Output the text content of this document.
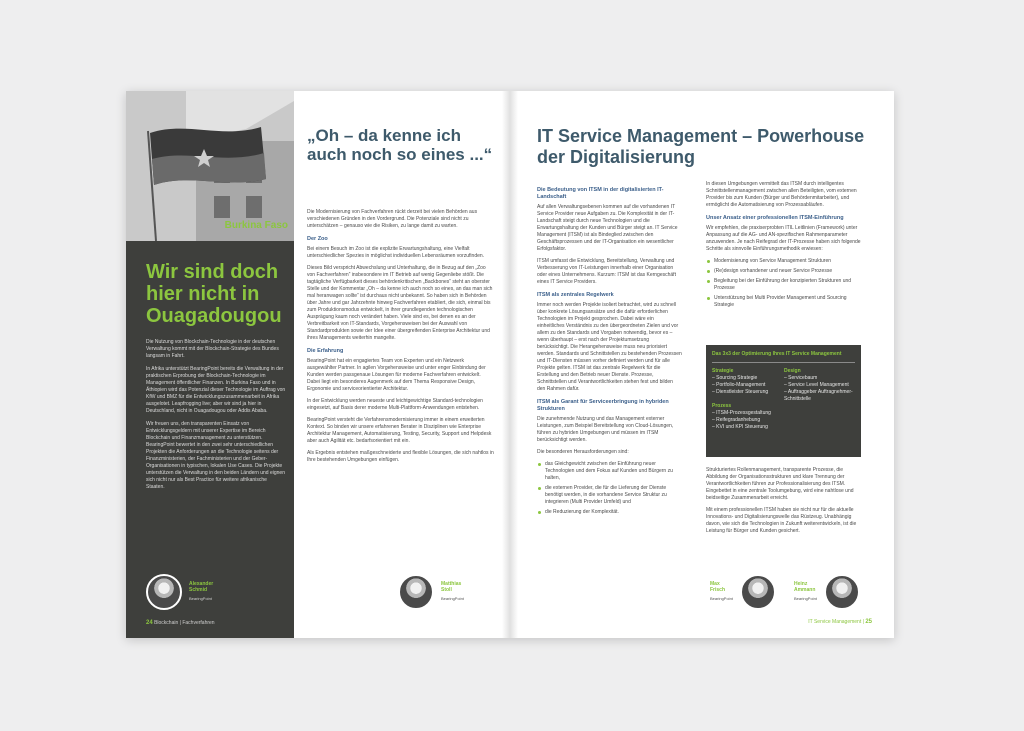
Burkina Faso
Wir sind doch hier nicht in Ouagadougou

Die Nutzung von Blockchain-Technologie in der deutschen Verwaltung kommt mit der Blockchain-Strategie des Bundes langsam in Fahrt.

In Afrika unterstützt BearingPoint bereits die Verwaltung in der praktischen Erprobung der Blockchain-Technologie im Management öffentlicher Finanzen. In Burkina Faso und in Äthiopien wird das Potenzial dieser Technologie im Auftrag von KfW und BMZ für die Entwicklungszusammenarbeit in Afrika ausgelotet. Leapfrogging live; aber wir sind ja hier in Deutschland, nicht in Ouagadougou oder Addis Ababa.

Wir freuen uns, den transparenten Einsatz von Entwicklungsgeldern mit unserer Expertise im Bereich Blockchain und Finanzmanagement zu unterstützen. BearingPoint bewertet in den zwei sehr unterschiedlichen Projekten die Anforderungen an die Technologie seitens der Finanzministerien, der Fachministerien und der Geber-Organisationen in typischen, lokalen Use Cases. Die Projekte unterstützen die Verwaltung in den beiden Ländern und eignen sich nicht nur als Best Practice für weitere afrikanische Staaten.

Alexander
Schmid
BearingPoint
24 Blockchain | Fachverfahren
„Oh – da kenne ich auch noch so eines ...“

Die Modernisierung von Fachverfahren rückt derzeit bei vielen Behörden aus verschiedenen Gründen in den Vordergrund. Die Potenziale sind nicht zu unterschätzen – genauso wie die Risiken, zu lange damit zu warten.

Der Zoo

Bei einem Besuch im Zoo ist die explizite Erwartungshaltung, eine Vielfalt unterschiedlicher Spezies in möglichst individuellen Lebensräumen vorzufinden.

Dieses Bild verspricht Abwechslung und Unterhaltung, die in Bezug auf den „Zoo von Fachverfahren“ insbesondere im IT Betrieb auf wenig Gegenliebe stößt. Die tagtägliche Verfügbarkeit dieses behördenkritischen „Backbones“ steht an oberster Stelle und der Kommentar „Oh – da kenne ich auch noch so eines, an das man sich mal heranwagen sollte“ ist durchaus nicht unbekannt. So haben sich in Behörden über Jahre und gar Jahrzehnte hinweg Fachverfahren etabliert, die sich, einmal bis zum Produktionsmodus entwickelt, in ihrer grundlegenden technologischen Ausprägung kaum noch verändert haben. Viele sind es, bei denen es an der Verbreitbarkeit von IT-Standards, Vorgehensweisen bei der Auswahl von Standardprodukten sowie der Idee einer übergreifenden Enterprise Architektur und ihres Managements weiterhin mangelte.

Die Erfahrung

BearingPoint hat ein engagiertes Team von Experten und ein Netzwerk ausgewählter Partner. In agilen Vorgehensweise und unter enger Einbindung der Kunden werden passgenaue Lösungen für moderne Fachverfahren entwickelt. Dabei liegt ein besonderes Augenmerk auf dem Thema Responsive Design, Ergonomie und serviceorientierter Architektur.

In der Entwicklung werden neueste und leichtgewichtige Standard-technologien eingesetzt, auf Basis derer moderne Multi-Plattform-Anwendungen entstehen.

BearingPoint versteht die Verfahrensmodernisierung immer in einem erweiterten Kontext. So binden wir unsere erfahrenen Berater in Disziplinen wie Enterprise Architektur Management, Automatisierung, Testing, Security, Support und Helpdesk aber auch Agilität etc. bedarfsorientiert mit ein.

Als Ergebnis entstehen maßgeschneiderte und flexible Lösungen, die sich nahtlos in Ihre bestehenden Umgebungen einfügen.

Matthias
Stoll
BearingPoint
IT Service Management – Powerhouse der Digitalisierung
Die Bedeutung von ITSM in der digitalisierten IT-Landschaft

Auf allen Verwaltungsebenen kommen auf die vorhandenen IT Service Provider neue Aufgaben zu. Die Komplexität in der IT-Landschaft steigt durch neue Technologien und die Erwartungshaltung der Kunden und Bürger steigt an. IT Service Management (ITSM) ist als Bindeglied zwischen den Geschäftsprozessen und der IT-Organisation ein wesentlicher Erfolgsfaktor.

ITSM umfasst die Entwicklung, Bereitstellung, Verwaltung und Verbesserung von IT-Leistungen innerhalb einer Organisation oder eines Unternehmens. Kurzum: ITSM ist das Kerngeschäft eines IT Service Providers.

ITSM als zentrales Regelwerk

Immer noch werden Projekte isoliert betrachtet, wird zu schnell über konkrete Lösungsansätze und die dafür erforderlichen Technologien im Projekt gesprochen. Dabei wäre ein einheitliches Verständnis zu den übergeordneten Zielen und vor allem zu den Standards und Vorgaben notwendig, bevor es – wenn überhaupt – erst nach der Projektumsetzung berücksichtigt. Die Herangehensweise muss neu priorisiert werden. Standards und Schnittstellen zu bestehenden Prozessen und IT-Diensten müssen vorher definiert werden und für alle Projekte gelten. ITSM ist das zentrale Regelwerk für die Erstellung und den Betrieb neuer Dienste. Prozesse, Schnittstellen und Verantwortlichkeiten stehen fest und bilden den Rahmen dafür.

ITSM als Garant für Serviceerbringung in hybriden Strukturen

Die zunehmende Nutzung und das Management externer Leistungen, zum Beispiel Bereitstellung von Cloud-Lösungen, führen zu hybriden Umgebungen und müssen im ITSM berücksichtigt werden.

Die besonderen Herausforderungen sind:

das Gleichgewicht zwischen der Einführung neuer Technologien und dem Fokus auf Kunden und Bürgern zu halten,
die externen Provider, die für die Lieferung der Dienste benötigt werden, in die vorhandene Service Struktur zu integrieren (Multi Provider Umfeld) und
die Reduzierung der Komplexität.

In diesen Umgebungen vermittelt das ITSM durch intelligentes Schnittstellenmanagement zwischen allen Beteiligten, vom externen Provider bis zum Kunden (Bürger und Behördenmitarbeiter), und ermöglicht die Automatisierung von Prozessabläufen.

Unser Ansatz einer professionellen ITSM-Einführung

Wir empfehlen, die praxiserprobten ITIL Leitlinien (Framework) unter Anpassung auf die AG- und AN-spezifischen Rahmenparameter anzuwenden. Je nach Reifegrad der IT-Prozesse haben sich folgende Schritte als sinnvolle Einführungsmethodik erwiesen:

Modernisierung von Service Management Strukturen
(Re)design vorhandener und neuer Service Prozesse
Begleitung bei der Einführung der konzipierten Strukturen und Prozesse
Unterstützung bei Multi Provider Management und Sourcing Strategie
Das 3x3 der Optimierung Ihres IT Service Management
Strategie
– Sourcing Strategie
– Portfolio-Management
– Dienstleister Steuerung
Prozess
– ITSM-Prozessgestaltung
– Reifegradanhebung
– KVI und KPI Steuerung
Design
– Servicebaum
– Service Level Management
– Auftraggeber Auftragnehmer-Schnittstelle

Strukturiertes Rollenmanagement, transparente Prozesse, die Abbildung der Organisationsstrukturen und klare Trennung der Verantwortlichkeiten führen zur Professionalisierung des ITSM. Eingebettet in eine zentrale Toolumgebung, wird eine nahtlose und beidseitige Zusammenarbeit erreicht.

Mit einem professionellen ITSM haben sie nicht nur für die aktuelle Innovations- und Digitalisierungswelle das Rüstzeug. Unabhängig davon, wie sich die Technologien in Zukunft weiterentwickeln, ist die Leistung für Bürger und Kunden gesichert.

Max
Frisch
BearingPoint
Heinz
Ammann
BearingPoint
IT Service Management | 25
